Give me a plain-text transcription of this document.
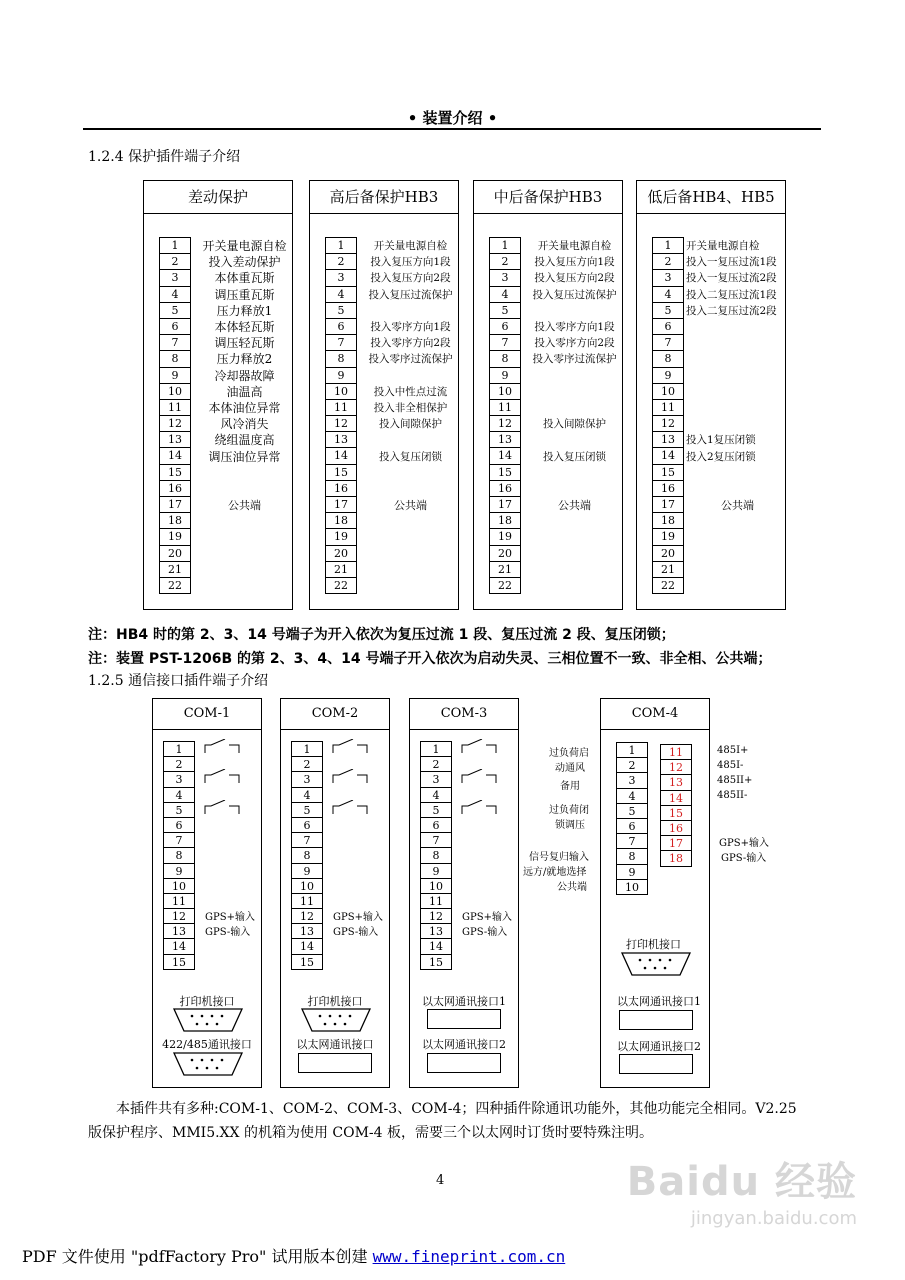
• 装置介绍 •
1.2.4 保护插件端子介绍
差动保护
1
2
3
4
5
6
7
8
9
10
11
12
13
14
15
16
17
18
19
20
21
22
开关量电源自检
投入差动保护
本体重瓦斯
调压重瓦斯
压力释放1
本体轻瓦斯
调压轻瓦斯
压力释放2
冷却器故障
油温高
本体油位异常
风冷消失
绕组温度高
调压油位异常
公共端
高后备保护HB3
1
2
3
4
5
6
7
8
9
10
11
12
13
14
15
16
17
18
19
20
21
22
开关量电源自检
投入复压方向1段
投入复压方向2段
投入复压过流保护
投入零序方向1段
投入零序方向2段
投入零序过流保护
投入中性点过流
投入非全相保护
投入间隙保护
投入复压闭锁
公共端
中后备保护HB3
1
2
3
4
5
6
7
8
9
10
11
12
13
14
15
16
17
18
19
20
21
22
开关量电源自检
投入复压方向1段
投入复压方向2段
投入复压过流保护
投入零序方向1段
投入零序方向2段
投入零序过流保护
投入间隙保护
投入复压闭锁
公共端
低后备HB4、HB5
1
2
3
4
5
6
7
8
9
10
11
12
13
14
15
16
17
18
19
20
21
22
开关量电源自检
投入一复压过流1段
投入一复压过流2段
投入二复压过流1段
投入二复压过流2段
投入1复压闭锁
投入2复压闭锁
公共端
注：HB4 时的第 2、3、14 号端子为开入依次为复压过流 1 段、复压过流 2 段、复压闭锁；
注：装置 PST-1206B 的第 2、3、4、14 号端子开入依次为启动失灵、三相位置不一致、非全相、公共端；
1.2.5 通信接口插件端子介绍
COM-1
1
2
3
4
5
6
7
8
9
10
11
12
13
14
15
GPS+输入
GPS-输入
打印机接口
422/485通讯接口
COM-2
1
2
3
4
5
6
7
8
9
10
11
12
13
14
15
GPS+输入
GPS-输入
打印机接口
以太网通讯接口
COM-3
1
2
3
4
5
6
7
8
9
10
11
12
13
14
15
GPS+输入
GPS-输入
以太网通讯接口1
以太网通讯接口2
COM-4
1
2
3
4
5
6
7
8
9
10
11
12
13
14
15
16
17
18
过负荷启
动通风
备用
过负荷闭
锁调压
信号复归输入
远方/就地选择
公共端
485I+
485I-
485II+
485II-
GPS+输入
GPS-输入
打印机接口
以太网通讯接口1
以太网通讯接口2
本插件共有多种:COM-1、COM-2、COM-3、COM-4；四种插件除通讯功能外，其他功能完全相同。V2.25
版保护程序、MMI5.XX 的机箱为使用 COM-4 板，需要三个以太网时订货时要特殊注明。
4	Baidu 经验
jingyan.baidu.com
PDF 文件使用 "pdfFactory Pro" 试用版本创建 www.fineprint.com.cn
